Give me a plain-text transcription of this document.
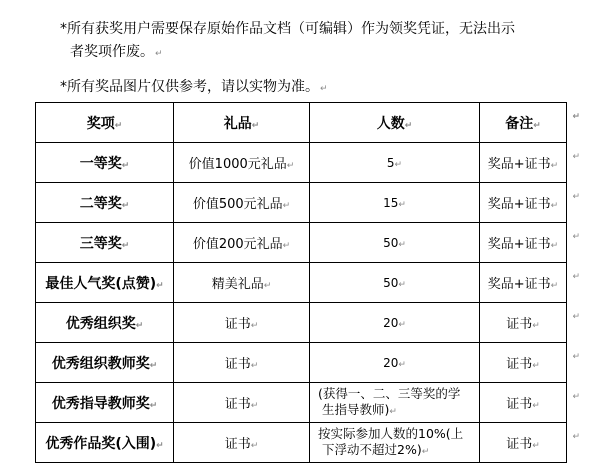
*所有获奖用户需要保存原始作品文档（可编辑）作为领奖凭证，无法出示
者奖项作废。↵

*所有奖品图片仅供参考，请以实物为准。↵

奖项↵	礼品↵	人数↵	备注↵
↵

一等奖↵	价值1000元礼品↵	5↵	奖品+证书↵
↵

二等奖↵	价值500元礼品↵	15↵	奖品+证书↵
↵

三等奖↵	价值200元礼品↵	50↵	奖品+证书↵
↵

最佳人气奖(点赞)↵	精美礼品↵	50↵	奖品+证书↵
↵

优秀组织奖↵	证书↵	20↵	证书↵
↵

优秀组织教师奖↵	证书↵	20↵	证书↵
↵

优秀指导教师奖↵	证书↵	(获得一、二、三等奖的学
生指导教师)↵	证书↵
↵

优秀作品奖(入围)↵	证书↵	按实际参加人数的10%(上
下浮动不超过2%)↵	证书↵
↵
